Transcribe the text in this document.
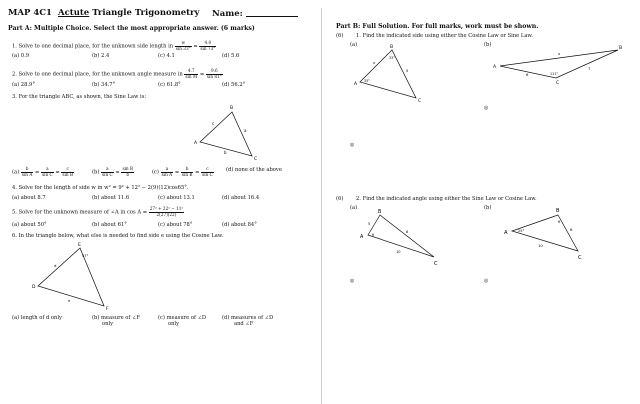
MAP 4C1 Actute Triangle Trigonometry Name:
Part A: Multiple Choice. Select the most appropriate answer. (6 marks)
1. Solve to one decimal place, for the unknown side length in $\frac{w}{\sin 33^\circ} = \frac{4.0}{\sin 73^\circ}$
(a) 0.9	(b) 2.4	(c) 4.1	(d) 5.6
2. Solve to one decimal place, for the unknown angle measure in $\frac{4.7}{\text{sin M}} = \frac{9.6}{\sin 81^\circ}$
(a) 28.9°	(b) 34.7°	(c) 61.8°	(d) 56.2°
3. For the triangle ABC, as shown, the Sine Law is:
B
A
C
c
a
b
$(a) \frac{b}{\text{sin A}} = \frac{a}{\text{sin C}} = \frac{c}{\text{sin B}}$	$(b) \frac{a}{\text{sin C}} = \frac{\text{sin B}}{b}$	$(c) \frac{a}{\text{sin A}} = \frac{b}{\text{sin B}} = \frac{c}{\text{sin C}} (d)$ none of the above
4. Solve for the length of side w in w² = 9² + 12² − 2(9)(12)cos65°.
(a) about 8.7	(b) about 11.6	(c) about 13.1	(d) about 16.4
5. Solve for the unknown measure of ∠A in $\cos A = \frac{\text{27² + 22² − 11²}}{2(27)(22)}$
(a) about 50°	(b) about 61°	(c) about 78°	(d) about 84°
6. In the triangle below, what else is needed to find side e using the Cosine Law.
E
D
F
57°
d
e
(a) length of d only	(b) measure of ∠F
only
(c) measure of ∠D
only
(d) measures of ∠D
and ∠F
Part B: Full Solution. For full marks, work must be shown.
(6) 1. Find the indicated side using either the Cosine Law or Sine Law.
(a)	(b)
B
A
C
33°
35°
x
5
B
A
C
111°
x
6
7
◎
◎
(6) 2. Find the indicated angle using either the Sine Law or Cosine Law.
(a)	(b)
B
A
C
5
8
10
θ
B
A
C
6
10
25°
θ
◎	◎
